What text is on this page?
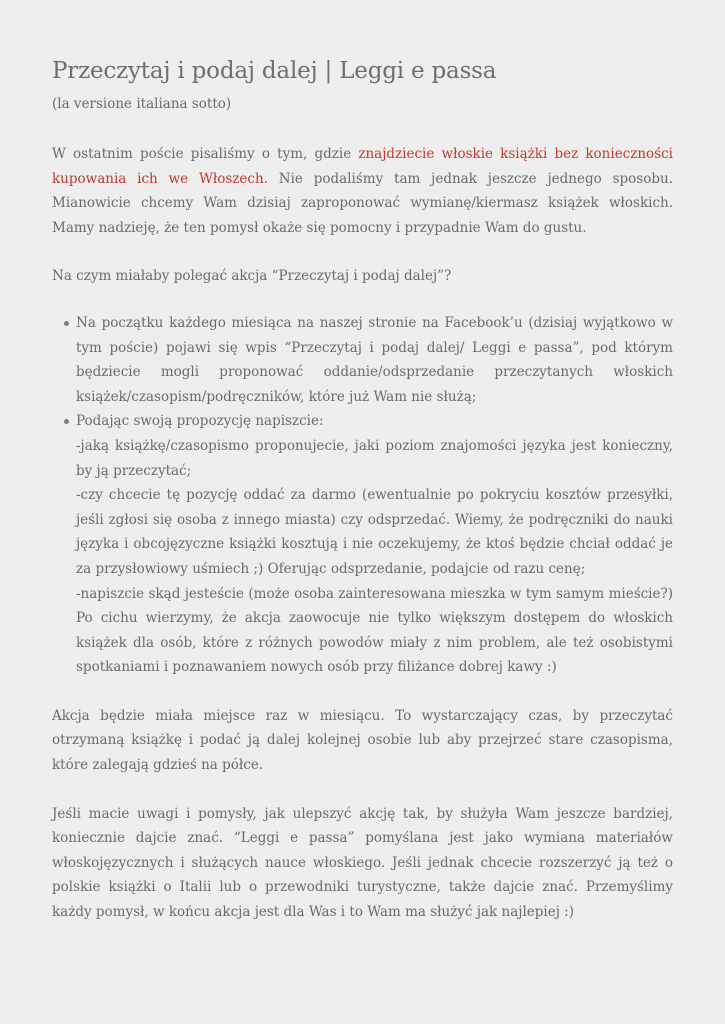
Przeczytaj i podaj dalej | Leggi e passa
(la versione italiana sotto)

W ostatnim poście pisaliśmy o tym, gdzie znajdziecie włoskie książki bez konieczności kupowania ich we Włoszech. Nie podaliśmy tam jednak jeszcze jednego sposobu. Mianowicie chcemy Wam dzisiaj zaproponować wymianę/kiermasz książek włoskich. Mamy nadzieję, że ten pomysł okaże się pomocny i przypadnie Wam do gustu.

Na czym miałaby polegać akcja “Przeczytaj i podaj dalej”?

Na początku każdego miesiąca na naszej stronie na Facebook’u (dzisiaj wyjątkowo w tym poście) pojawi się wpis “Przeczytaj i podaj dalej/ Leggi e passa”, pod którym będziecie mogli proponować oddanie/odsprzedanie przeczytanych włoskich książek/czasopism/podręczników, które już Wam nie służą;
Podając swoją propozycję napiszcie:
-jaką książkę/czasopismo proponujecie, jaki poziom znajomości języka jest konieczny, by ją przeczytać;
-czy chcecie tę pozycję oddać za darmo (ewentualnie po pokryciu kosztów przesyłki, jeśli zgłosi się osoba z innego miasta) czy odsprzedać. Wiemy, że podręczniki do nauki języka i obcojęzyczne książki kosztują i nie oczekujemy, że ktoś będzie chciał oddać je za przysłowiowy uśmiech ;) Oferując odsprzedanie, podajcie od razu cenę;
-napiszcie skąd jesteście (może osoba zainteresowana mieszka w tym samym mieście?) Po cichu wierzymy, że akcja zaowocuje nie tylko większym dostępem do włoskich książek dla osób, które z różnych powodów miały z nim problem, ale też osobistymi spotkaniami i poznawaniem nowych osób przy filiżance dobrej kawy :)

Akcja będzie miała miejsce raz w miesiącu. To wystarczający czas, by przeczytać otrzymaną książkę i podać ją dalej kolejnej osobie lub aby przejrzeć stare czasopisma, które zalegają gdzieś na półce.

Jeśli macie uwagi i pomysły, jak ulepszyć akcję tak, by służyła Wam jeszcze bardziej, koniecznie dajcie znać. “Leggi e passa” pomyślana jest jako wymiana materiałów włoskojęzycznych i służących nauce włoskiego. Jeśli jednak chcecie rozszerzyć ją też o polskie książki o Italii lub o przewodniki turystyczne, także dajcie znać. Przemyślimy każdy pomysł, w końcu akcja jest dla Was i to Wam ma służyć jak najlepiej :)
